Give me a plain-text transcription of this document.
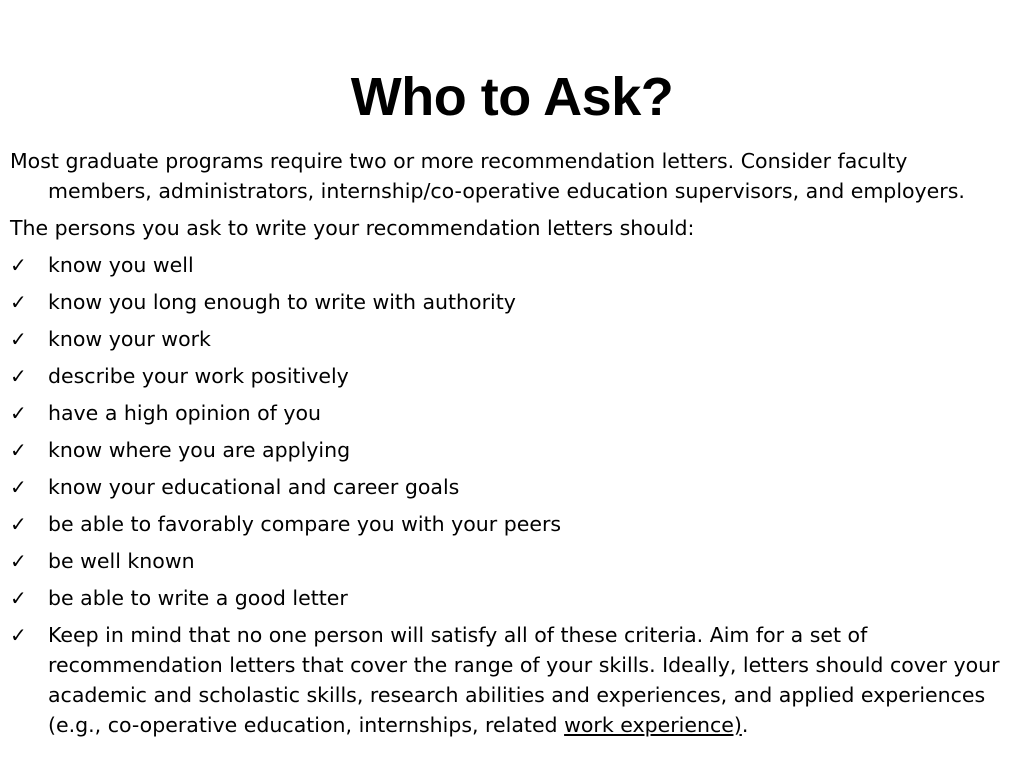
Who to Ask?

Most graduate programs require two or more recommendation letters. Consider faculty members, administrators, internship/co-operative education supervisors, and employers.

The persons you ask to write your recommendation letters should:

✓	know you well
✓	know you long enough to write with authority
✓	know your work
✓	describe your work positively
✓	have a high opinion of you
✓	know where you are applying
✓	know your educational and career goals
✓	be able to favorably compare you with your peers
✓	be well known
✓	be able to write a good letter
✓	Keep in mind that no one person will satisfy all of these criteria. Aim for a set of recommendation letters that cover the range of your skills. Ideally, letters should cover your academic and scholastic skills, research abilities and experiences, and applied experiences (e.g., co-operative education, internships, related work experience).
